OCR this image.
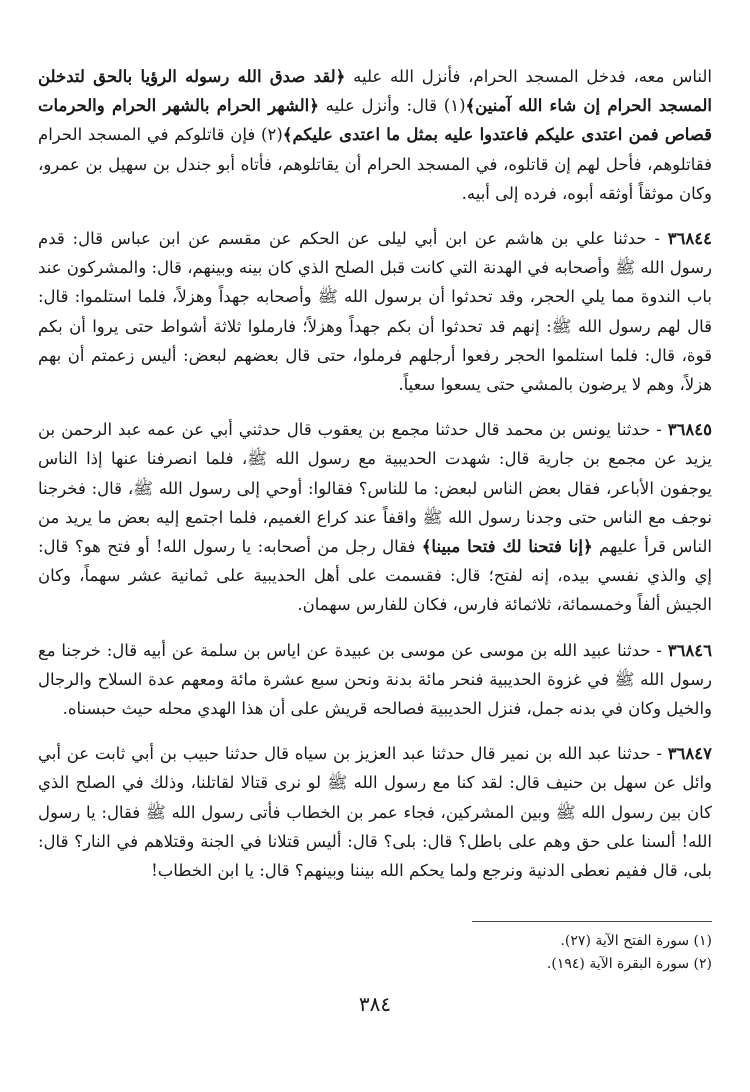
الناس معه، فدخل المسجد الحرام، فأنزل الله عليه ﴿لقد صدق الله رسوله الرؤيا بالحق لتدخلن المسجد الحرام إن شاء الله آمنين﴾(١) قال: وأنزل عليه ﴿الشهر الحرام بالشهر الحرام والحرمات قصاص فمن اعتدى عليكم فاعتدوا عليه بمثل ما اعتدى عليكم﴾(٢) فإن قاتلوكم في المسجد الحرام فقاتلوهم، فأحل لهم إن قاتلوه، في المسجد الحرام أن يقاتلوهم، فأتاه أبو جندل بن سهيل بن عمرو، وكان موثقاً أوثقه أبوه، فرده إلى أبيه.

٣٦٨٤٤ - حدثنا علي بن هاشم عن ابن أبي ليلى عن الحكم عن مقسم عن ابن عباس قال: قدم رسول الله ﷺ وأصحابه في الهدنة التي كانت قبل الصلح الذي كان بينه وبينهم، قال: والمشركون عند باب الندوة مما يلي الحجر، وقد تحدثوا أن برسول الله ﷺ وأصحابه جهداً وهزلاً، فلما استلموا: قال: قال لهم رسول الله ﷺ: إنهم قد تحدثوا أن بكم جهداً وهزلاً؛ فارملوا ثلاثة أشواط حتى يروا أن بكم قوة، قال: فلما استلموا الحجر رفعوا أرجلهم فرملوا، حتى قال بعضهم لبعض: أليس زعمتم أن بهم هزلاً، وهم لا يرضون بالمشي حتى يسعوا سعياً.

٣٦٨٤٥ - حدثنا يونس بن محمد قال حدثنا مجمع بن يعقوب قال حدثني أبي عن عمه عبد الرحمن بن يزيد عن مجمع بن جارية قال: شهدت الحديبية مع رسول الله ﷺ، فلما انصرفنا عنها إذا الناس يوجفون الأباعر، فقال بعض الناس لبعض: ما للناس؟ فقالوا: أوحي إلى رسول الله ﷺ، قال: فخرجنا نوجف مع الناس حتى وجدنا رسول الله ﷺ واقفاً عند كراع الغميم، فلما اجتمع إليه بعض ما يريد من الناس قرأ عليهم ﴿إنا فتحنا لك فتحا مبينا﴾ فقال رجل من أصحابه: يا رسول الله! أو فتح هو؟ قال: إي والذي نفسي بيده، إنه لفتح؛ قال: فقسمت على أهل الحديبية على ثمانية عشر سهماً، وكان الجيش ألفاً وخمسمائة، ثلاثمائة فارس، فكان للفارس سهمان.

٣٦٨٤٦ - حدثنا عبيد الله بن موسى عن موسى بن عبيدة عن اياس بن سلمة عن أبيه قال: خرجنا مع رسول الله ﷺ في غزوة الحديبية فنحر مائة بدنة ونحن سبع عشرة مائة ومعهم عدة السلاح والرجال والخيل وكان في بدنه جمل، فنزل الحديبية فصالحه قريش على أن هذا الهدي محله حيث حبسناه.

٣٦٨٤٧ - حدثنا عبد الله بن نمير قال حدثنا عبد العزيز بن سياه قال حدثنا حبيب بن أبي ثابت عن أبي وائل عن سهل بن حنيف قال: لقد كنا مع رسول الله ﷺ لو نرى قتالا لقاتلنا، وذلك في الصلح الذي كان بين رسول الله ﷺ وبين المشركين، فجاء عمر بن الخطاب فأتى رسول الله ﷺ فقال: يا رسول الله! ألسنا على حق وهم على باطل؟ قال: بلى؟ قال: أليس قتلانا في الجنة وقتلاهم في النار؟ قال: بلى، قال ففيم نعطى الدنية ونرجع ولما يحكم الله بيننا وبينهم؟ قال: يا ابن الخطاب!

(١) سورة الفتح الآية (٢٧).

(٢) سورة البقرة الآية (١٩٤).

٣٨٤
